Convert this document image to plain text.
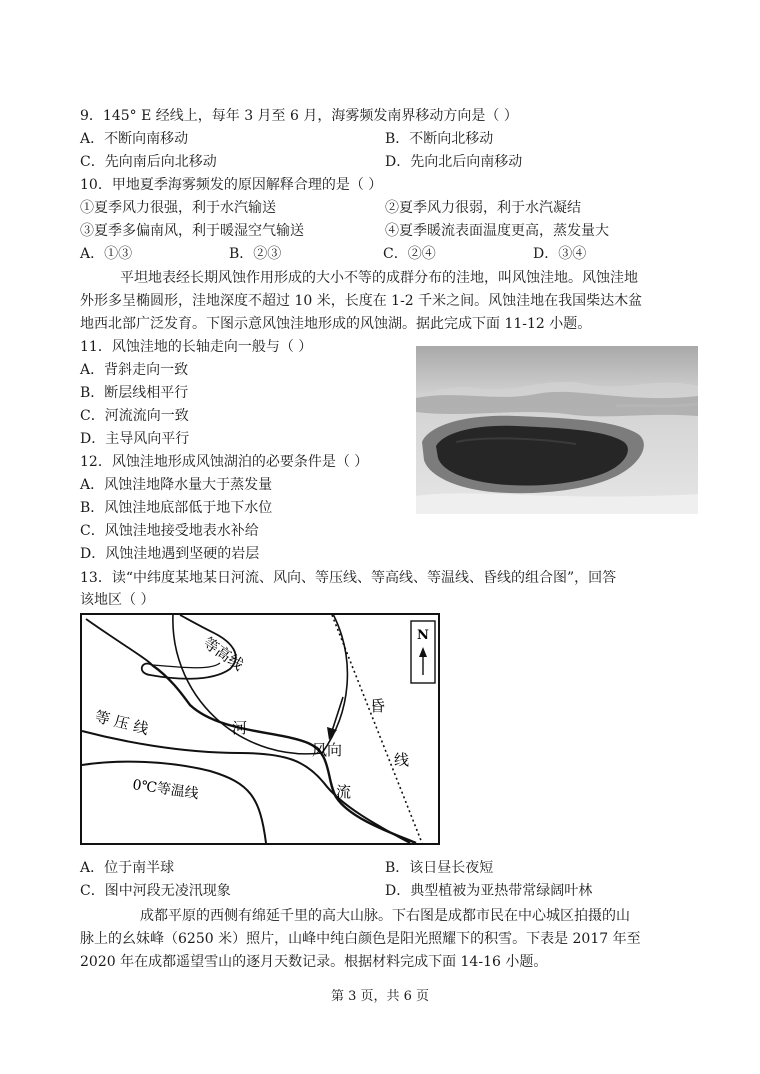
9．145° E 经线上，每年 3 月至 6 月，海雾频发南界移动方向是（ ）
A．不断向南移动	B．不断向北移动
C．先向南后向北移动	D．先向北后向南移动
10．甲地夏季海雾频发的原因解释合理的是（ ）
①夏季风力很强，利于水汽输送	②夏季风力很弱，利于水汽凝结
③夏季多偏南风，利于暖湿空气输送	④夏季暖流表面温度更高，蒸发量大
A．①③	B．②③	C．②④	D．③④
平坦地表经长期风蚀作用形成的大小不等的成群分布的洼地，叫风蚀洼地。风蚀洼地
外形多呈椭圆形，洼地深度不超过 10 米，长度在 1-2 千米之间。风蚀洼地在我国柴达木盆
地西北部广泛发育。下图示意风蚀洼地形成的风蚀湖。据此完成下面 11-12 小题。
11．风蚀洼地的长轴走向一般与（ ）
A．背斜走向一致
B．断层线相平行
C．河流流向一致
D．主导风向平行
12．风蚀洼地形成风蚀湖泊的必要条件是（ ）
A．风蚀洼地降水量大于蒸发量
B．风蚀洼地底部低于地下水位
C．风蚀洼地接受地表水补给
D．风蚀洼地遇到坚硬的岩层
13．读“中纬度某地某日河流、风向、等压线、等高线、等温线、昏线的组合图”，回答
该地区（ ）
N
等高线
等 压 线	河
流
风向
0℃等温线
昏
线
A．位于南半球	B．该日昼长夜短
C．图中河段无凌汛现象	D．典型植被为亚热带常绿阔叶林
成都平原的西侧有绵延千里的高大山脉。下右图是成都市民在中心城区拍摄的山
脉上的幺妹峰（6250 米）照片，山峰中纯白颜色是阳光照耀下的积雪。下表是 2017 年至
2020 年在成都遥望雪山的逐月天数记录。根据材料完成下面 14-16 小题。
第 3 页，共 6 页
